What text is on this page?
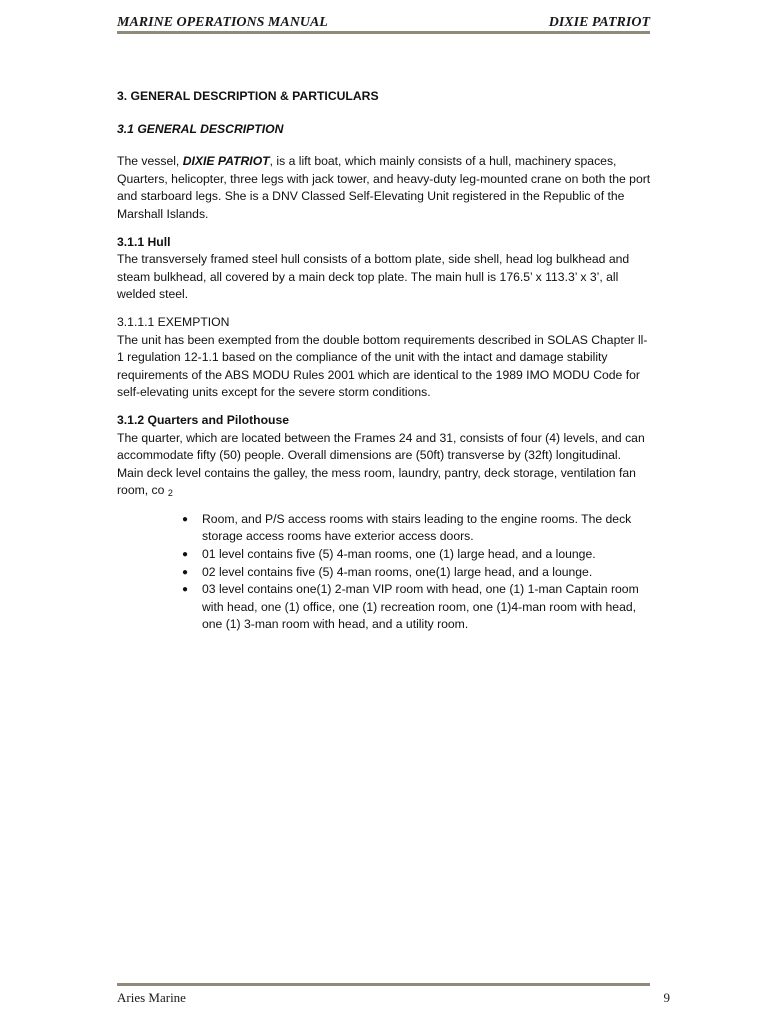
MARINE OPERATIONS MANUAL	DIXIE PATRIOT

3. GENERAL DESCRIPTION & PARTICULARS

3.1 GENERAL DESCRIPTION

The vessel, DIXIE PATRIOT, is a lift boat, which mainly consists of a hull, machinery spaces, Quarters, helicopter, three legs with jack tower, and heavy-duty leg-mounted crane on both the port and starboard legs. She is a DNV Classed Self-Elevating Unit registered in the Republic of the Marshall Islands.

3.1.1 Hull

The transversely framed steel hull consists of a bottom plate, side shell, head log bulkhead and steam bulkhead, all covered by a main deck top plate. The main hull is 176.5’ x 113.3’ x 3’, all welded steel.

3.1.1.1 EXEMPTION

The unit has been exempted from the double bottom requirements described in SOLAS Chapter ll-1 regulation 12-1.1 based on the compliance of the unit with the intact and damage stability requirements of the ABS MODU Rules 2001 which are identical to the 1989 IMO MODU Code for self-elevating units except for the severe storm conditions.

3.1.2 Quarters and Pilothouse

The quarter, which are located between the Frames 24 and 31, consists of four (4) levels, and can accommodate fifty (50) people. Overall dimensions are (50ft) transverse by (32ft) longitudinal.

Main deck level contains the galley, the mess room, laundry, pantry, deck storage, ventilation fan room, co $_2$

● Room, and P/S access rooms with stairs leading to the engine rooms. The deck storage access rooms have exterior access doors.
● 01 level contains five (5) 4-man rooms, one (1) large head, and a lounge.
● 02 level contains five (5) 4-man rooms, one(1) large head, and a lounge.
● 03 level contains one(1) 2-man VIP room with head, one (1) 1-man Captain room with head, one (1) office, one (1) recreation room, one (1)4-man room with head, one (1) 3-man room with head, and a utility room.
Aries Marine	9
